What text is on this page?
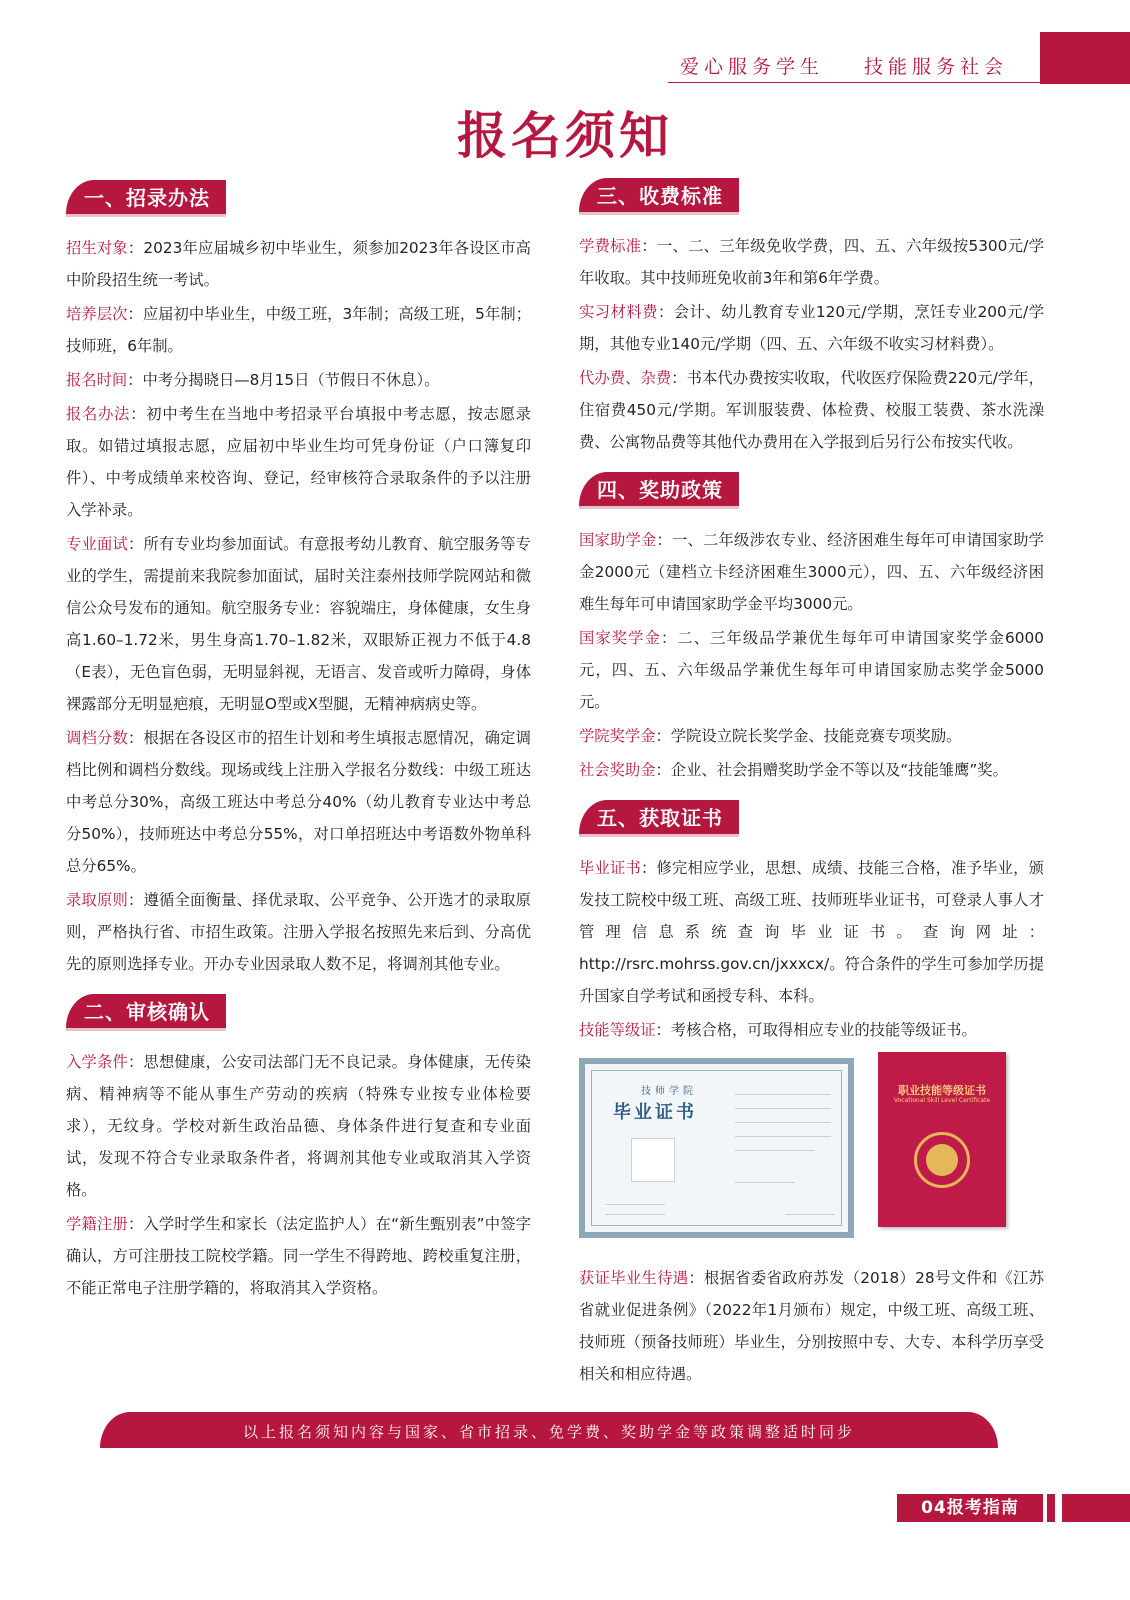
爱心服务学生 技能服务社会
报名须知
一、招录办法

招生对象：2023年应届城乡初中毕业生，须参加2023年各设区市高中阶段招生统一考试。

培养层次：应届初中毕业生，中级工班，3年制；高级工班，5年制；技师班，6年制。

报名时间：中考分揭晓日—8月15日（节假日不休息）。

报名办法：初中考生在当地中考招录平台填报中考志愿，按志愿录取。如错过填报志愿，应届初中毕业生均可凭身份证（户口簿复印件）、中考成绩单来校咨询、登记，经审核符合录取条件的予以注册入学补录。

专业面试：所有专业均参加面试。有意报考幼儿教育、航空服务等专业的学生，需提前来我院参加面试，届时关注泰州技师学院网站和微信公众号发布的通知。航空服务专业：容貌端庄，身体健康，女生身高1.60–1.72米，男生身高1.70–1.82米，双眼矫正视力不低于4.8（E表），无色盲色弱，无明显斜视，无语言、发音或听力障碍，身体裸露部分无明显疤痕，无明显O型或X型腿，无精神病病史等。

调档分数：根据在各设区市的招生计划和考生填报志愿情况，确定调档比例和调档分数线。现场或线上注册入学报名分数线：中级工班达中考总分30%，高级工班达中考总分40%（幼儿教育专业达中考总分50%），技师班达中考总分55%，对口单招班达中考语数外物单科总分65%。

录取原则：遵循全面衡量、择优录取、公平竞争、公开选才的录取原则，严格执行省、市招生政策。注册入学报名按照先来后到、分高优先的原则选择专业。开办专业因录取人数不足，将调剂其他专业。

二、审核确认

入学条件：思想健康，公安司法部门无不良记录。身体健康，无传染病、精神病等不能从事生产劳动的疾病（特殊专业按专业体检要求），无纹身。学校对新生政治品德、身体条件进行复查和专业面试，发现不符合专业录取条件者，将调剂其他专业或取消其入学资格。

学籍注册：入学时学生和家长（法定监护人）在“新生甄别表”中签字确认，方可注册技工院校学籍。同一学生不得跨地、跨校重复注册，不能正常电子注册学籍的，将取消其入学资格。

三、收费标准

学费标准：一、二、三年级免收学费，四、五、六年级按5300元/学年收取。其中技师班免收前3年和第6年学费。

实习材料费：会计、幼儿教育专业120元/学期，烹饪专业200元/学期，其他专业140元/学期（四、五、六年级不收实习材料费）。

代办费、杂费：书本代办费按实收取，代收医疗保险费220元/学年，住宿费450元/学期。军训服装费、体检费、校服工装费、茶水洗澡费、公寓物品费等其他代办费用在入学报到后另行公布按实代收。

四、奖助政策

国家助学金：一、二年级涉农专业、经济困难生每年可申请国家助学金2000元（建档立卡经济困难生3000元），四、五、六年级经济困难生每年可申请国家助学金平均3000元。

国家奖学金：二、三年级品学兼优生每年可申请国家奖学金6000元，四、五、六年级品学兼优生每年可申请国家励志奖学金5000元。

学院奖学金：学院设立院长奖学金、技能竞赛专项奖励。

社会奖助金：企业、社会捐赠奖助学金不等以及“技能雏鹰”奖。

五、获取证书

毕业证书：修完相应学业，思想、成绩、技能三合格，准予毕业，颁发技工院校中级工班、高级工班、技师班毕业证书，可登录人事人才管理信息系统查询毕业证书。查询网址：http://rsrc.mohrss.gov.cn/jxxxcx/。符合条件的学生可参加学历提升国家自学考试和函授专科、本科。

技能等级证：考核合格，可取得相应专业的技能等级证书。

技师学院
毕业证书
职业技能等级证书
Vocational Skill Level Certificate

获证毕业生待遇：根据省委省政府苏发（2018）28号文件和《江苏省就业促进条例》（2022年1月颁布）规定，中级工班、高级工班、技师班（预备技师班）毕业生，分别按照中专、大专、本科学历享受相关和相应待遇。

以上报名须知内容与国家、省市招录、免学费、奖助学金等政策调整适时同步
04报考指南
